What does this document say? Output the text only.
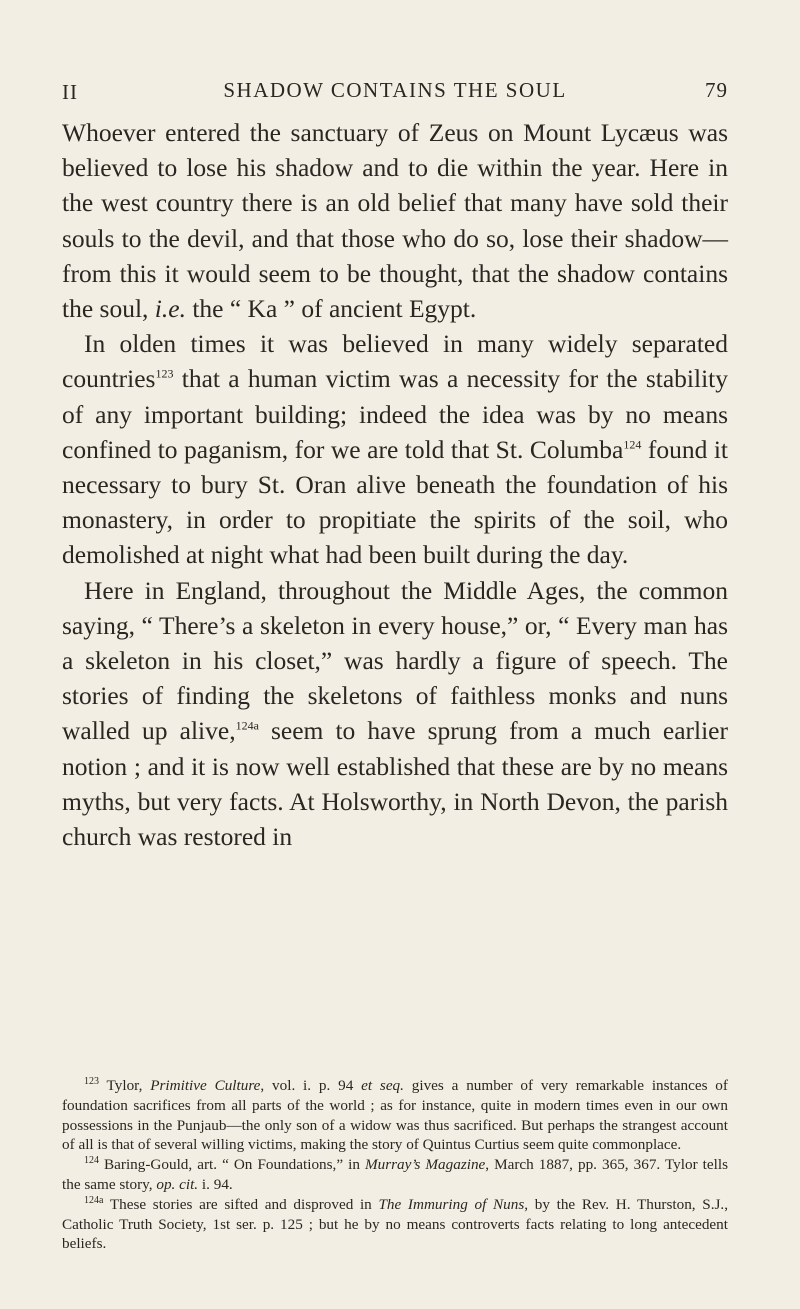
II	SHADOW CONTAINS THE SOUL	79

Whoever entered the sanctuary of Zeus on Mount Lycæus was believed to lose his shadow and to die within the year. Here in the west country there is an old belief that many have sold their souls to the devil, and that those who do so, lose their shadow—from this it would seem to be thought, that the shadow contains the soul, i.e. the “ Ka ” of ancient Egypt.

In olden times it was believed in many widely separated countries$^{123}$ that a human victim was a necessity for the stability of any important building; indeed the idea was by no means confined to paganism, for we are told that St. Columba$^{124}$ found it necessary to bury St. Oran alive beneath the foundation of his monastery, in order to propitiate the spirits of the soil, who demolished at night what had been built during the day.

Here in England, throughout the Middle Ages, the common saying, “ There’s a skeleton in every house,” or, “ Every man has a skeleton in his closet,” was hardly a figure of speech. The stories of finding the skeletons of faithless monks and nuns walled up alive,$^{124a}$ seem to have sprung from a much earlier notion ; and it is now well established that these are by no means myths, but very facts. At Holsworthy, in North Devon, the parish church was restored in

$^{123}$ Tylor, Primitive Culture, vol. i. p. 94 et seq. gives a number of very remarkable instances of foundation sacrifices from all parts of the world ; as for instance, quite in modern times even in our own possessions in the Punjaub—the only son of a widow was thus sacrificed. But perhaps the strangest account of all is that of several willing victims, making the story of Quintus Curtius seem quite commonplace.

$^{124}$ Baring-Gould, art. “ On Foundations,” in Murray’s Magazine, March 1887, pp. 365, 367. Tylor tells the same story, op. cit. i. 94.

$^{124a}$ These stories are sifted and disproved in The Immuring of Nuns, by the Rev. H. Thurston, S.J., Catholic Truth Society, 1st ser. p. 125 ; but he by no means controverts facts relating to long antecedent beliefs.
